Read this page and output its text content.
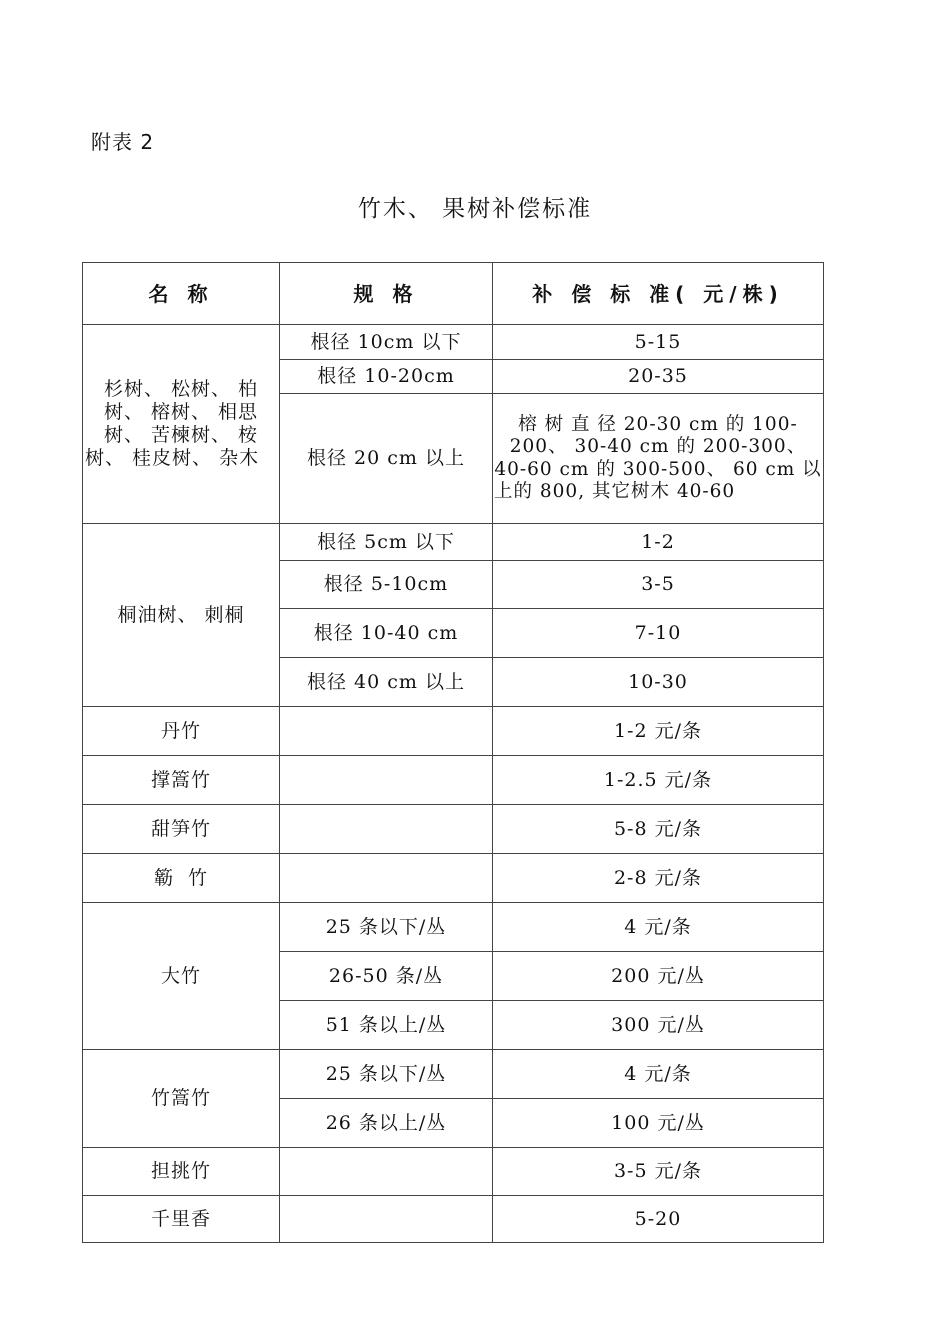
附表 2
竹木、 果树补偿标准
名 称	规 格	补 偿 标 准( 元/株)
杉树、 松树、 柏树、 榕树、 相思树、 苦楝树、 桉树、 桂皮树、 杂木	根径 10cm 以下	5-15
	根径 10-20cm	20-35
	根径 20 cm 以上	榕 树 直 径 20-30 cm 的 100-200、 30-40 cm 的 200-300、 40-60 cm 的 300-500、 60 cm 以上的 800, 其它树木 40-60
桐油树、 刺桐	根径 5cm 以下	1-2
	根径 5-10cm	3-5
	根径 10-40 cm	7-10
	根径 40 cm 以上	10-30
丹竹		1-2 元/条
撑篙竹		1-2.5 元/条
甜笋竹		5-8 元/条
簕  竹		2-8 元/条
大竹	25 条以下/丛	4 元/条
	26-50 条/丛	200 元/丛
	51 条以上/丛	300 元/丛
竹篙竹	25 条以下/丛	4 元/条
	26 条以上/丛	100 元/丛
担挑竹		3-5 元/条
千里香		5-20
